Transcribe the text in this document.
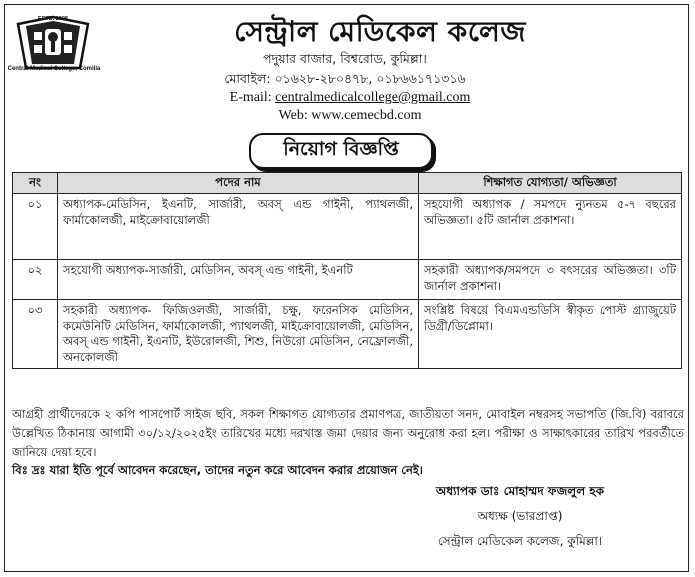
ESTD. 2008
Central Medical College, Comilla
সেন্ট্রাল মেডিকেল কলেজ
পদুয়ার বাজার, বিশ্বরোড, কুমিল্লা।
মোবাইল: ০১৬২৮-২৮০৪৭৮, ০১৮৬৬১৭১৩১৬
E-mail: centralmedicalcollege@gmail.com
Web: www.cemecbd.com
নিয়োগ বিজ্ঞপ্তি
নং	পদের নাম	শিক্ষাগত যোগ্যতা/ অভিজ্ঞতা
০১	অধ্যাপক-মেডিসিন, ইএনটি, সার্জারী, অবস্ এন্ড গাইনী, প্যাথলজী, ফার্মাকোলজী, মাইক্রোবায়োলজী	সহযোগী অধ্যাপক / সমপদে ন্যুনতম ৫-৭ বছরের অভিজ্ঞতা। ৫টি জার্নাল প্রকাশনা।
০২	সহযোগী অধ্যাপক-সার্জারী, মেডিসিন, অবস্ এন্ড গাইনী, ইএনটি	সহকারী অধ্যাপক/সমপদে ৩ বৎসরের অভিজ্ঞতা। ৩টি জার্নাল প্রকাশনা।
০৩	সহকারী অধ্যাপক- ফিজিওলজী, সার্জারী, চক্ষু, ফরেনসিক মেডিসিন, কমেউনিটি মেডিসিন, ফার্মাকোলজী, প্যাথলজী, মাইক্রোবায়োলজী, মেডিসিন, অবস্ এন্ড গাইনী, ইএনটি, ইউরোলজী, শিশু, নিউরো মেডিসিন, নেফ্রোলজী, অনকোলজী	সংশ্লিষ্ট বিষয়ে বিএমএন্ডডিসি স্বীকৃত পোস্ট গ্র্যাজুয়েট ডিগ্রী/ডিপ্লোমা।
আগ্রহী প্রার্থীদেরকে ২ কপি পাসপোর্ট সাইজ ছবি, সকল শিক্ষাগত যোগ্যতার প্রমাণপত্র, জাতীয়তা সনদ, মোবাইল নম্বরসহ সভাপতি (জি.বি) বরাবরে উল্লেখিত ঠিকানায় আগামী ৩০/১২/২০২৫ইং তারিখের মধ্যে দরখাস্ত জমা দেয়ার জন্য অনুরোধ করা হল। পরীক্ষা ও সাক্ষাৎকারের তারিখ পরবর্তীতে জানিয়ে দেয়া হবে।
বিঃ দ্রঃ যারা ইতি পূর্বে আবেদন করেছেন, তাদের নতুন করে আবেদন করার প্রয়োজন নেই।
অধ্যাপক ডাঃ মোহাম্মদ ফজলুল হক
অধ্যক্ষ (ভারপ্রাপ্ত)
সেন্ট্রাল মেডিকেল কলেজ, কুমিল্লা।
